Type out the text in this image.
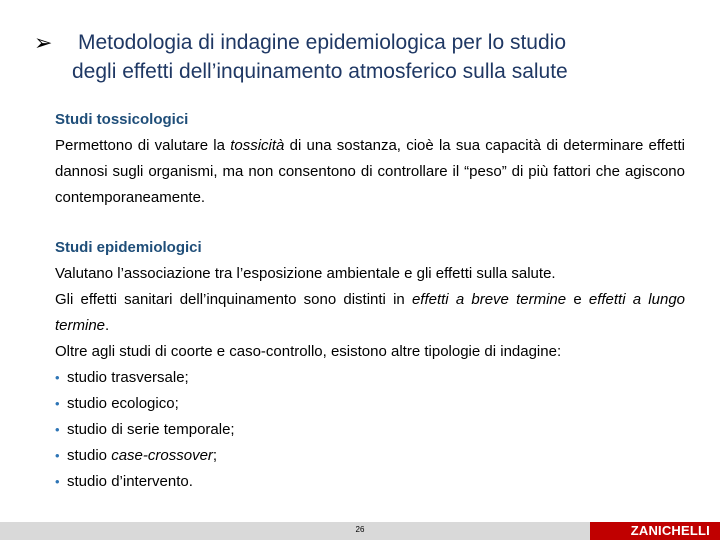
➢	Metodologia di indagine epidemiologica per lo studio
degli effetti dell’inquinamento atmosferico sulla salute
Studi tossicologici
Permettono di valutare la tossicità di una sostanza, cioè la sua capacità di determinare effetti dannosi sugli organismi, ma non consentono di controllare il “peso” di più fattori che agiscono contemporaneamente.
Studi epidemiologici
Valutano l’associazione tra l’esposizione ambientale e gli effetti sulla salute.
Gli effetti sanitari dell’inquinamento sono distinti in effetti a breve termine e effetti a lungo termine.
Oltre agli studi di coorte e caso-controllo, esistono altre tipologie di indagine:
• studio trasversale;
• studio ecologico;
• studio di serie temporale;
• studio case-crossover;
• studio d’intervento.
26	ZANICHELLI
